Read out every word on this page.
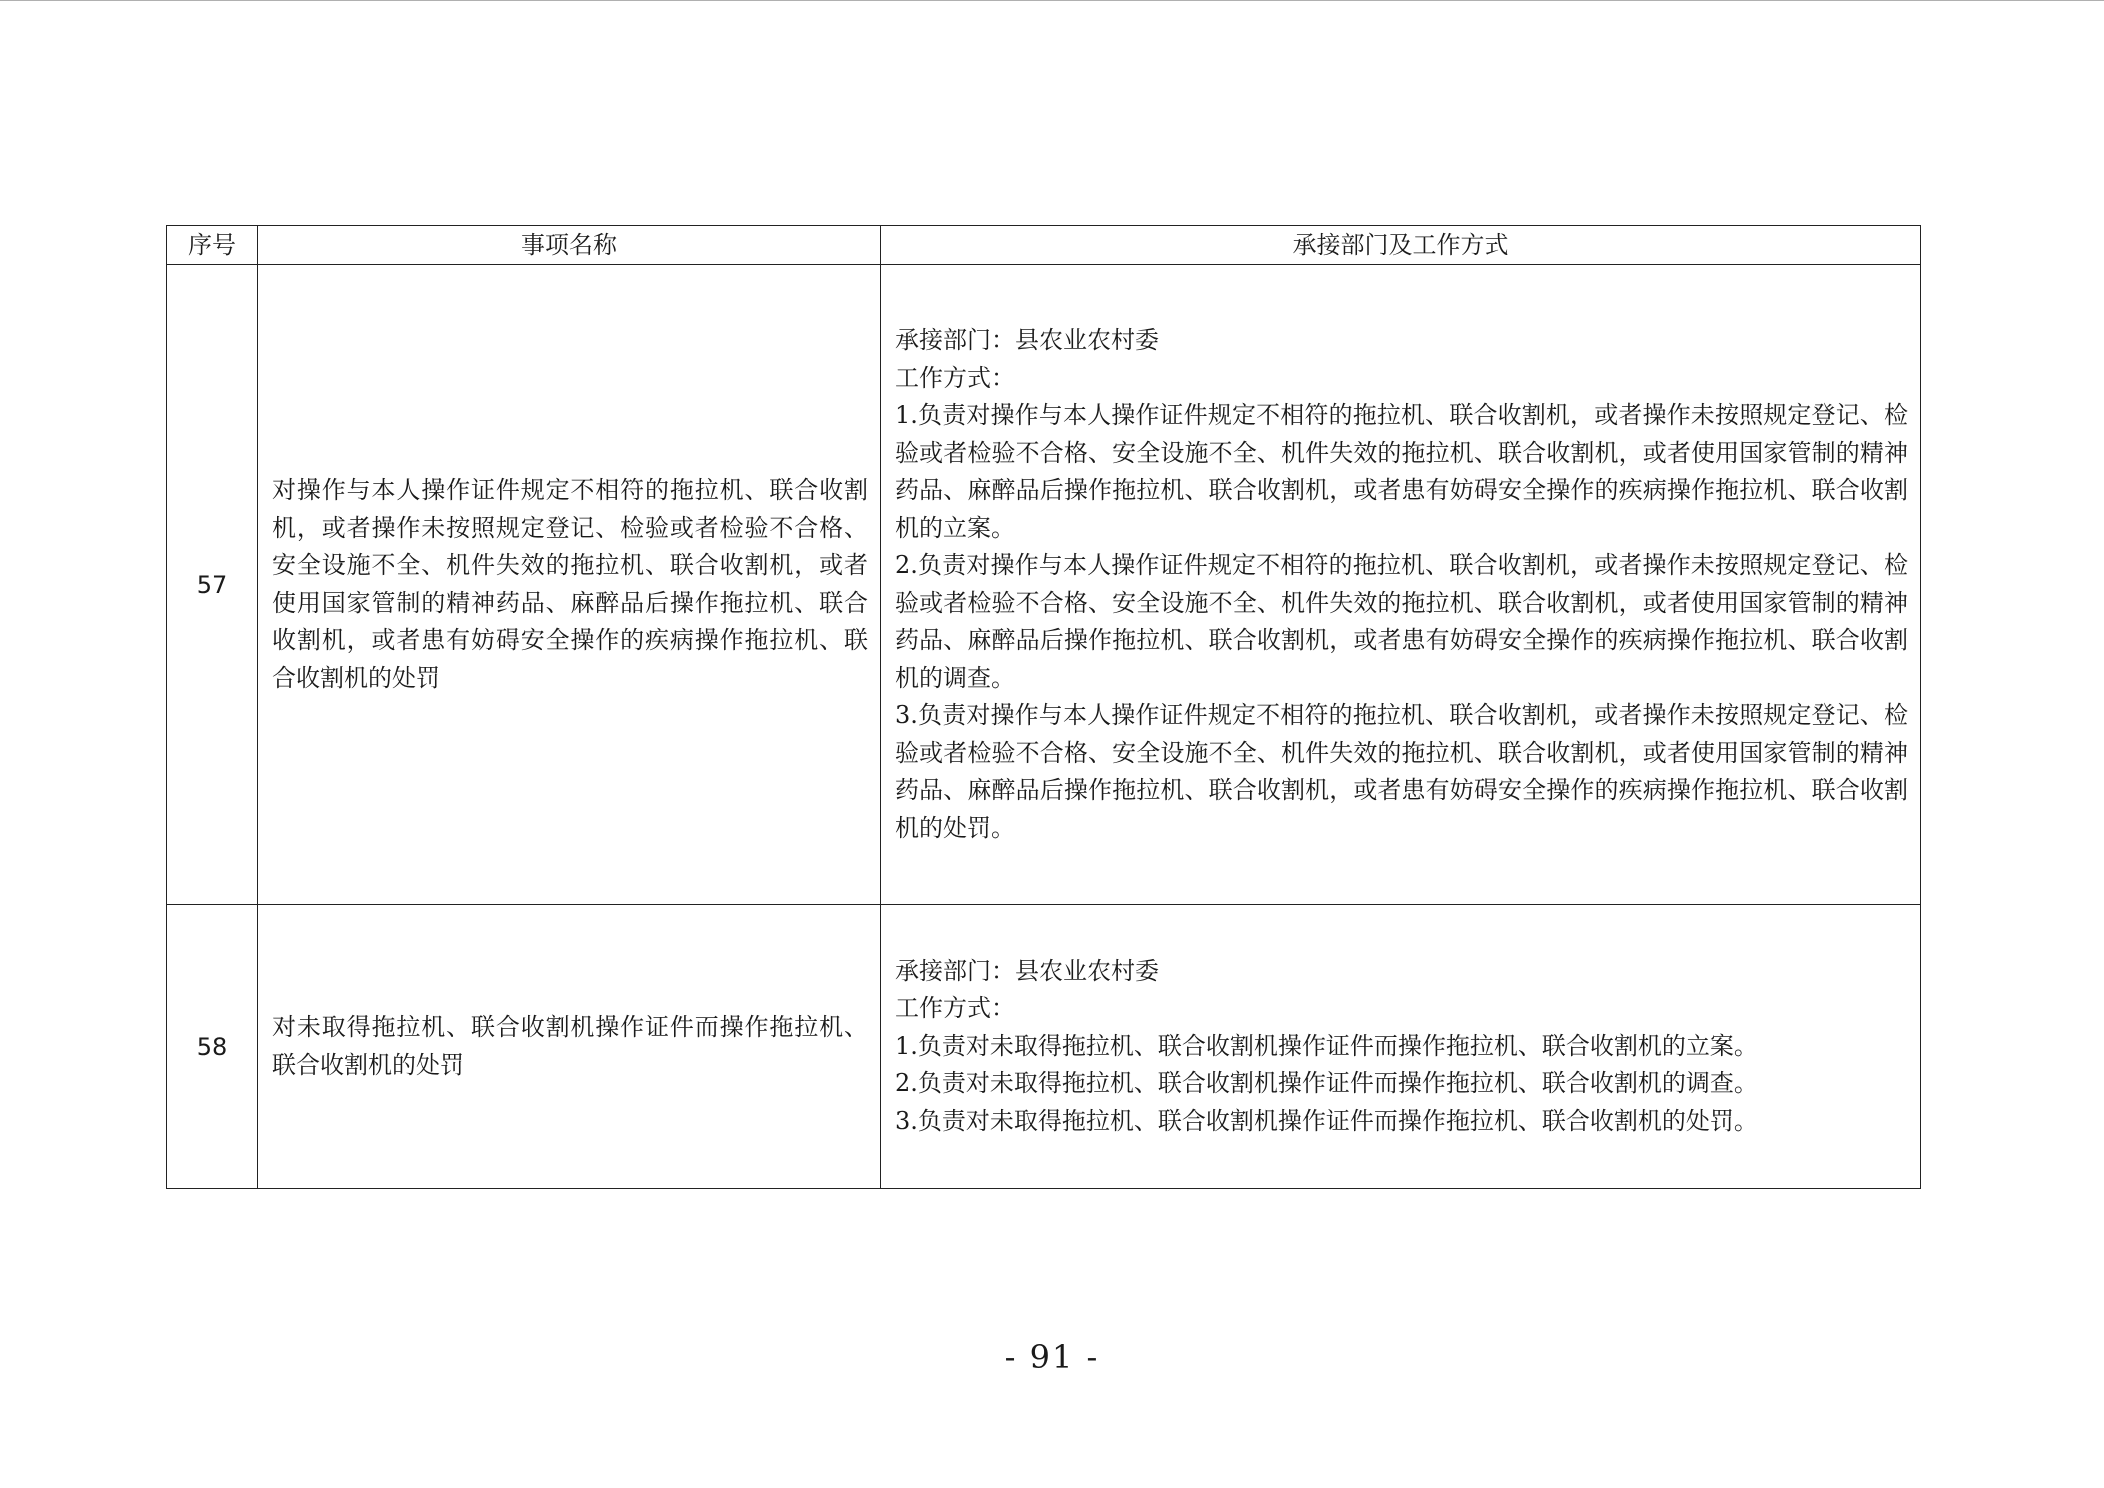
序号	事项名称	承接部门及工作方式
57	对操作与本人操作证件规定不相符的拖拉机、联合收割机，或者操作未按照规定登记、检验或者检验不合格、安全设施不全、机件失效的拖拉机、联合收割机，或者使用国家管制的精神药品、麻醉品后操作拖拉机、联合收割机，或者患有妨碍安全操作的疾病操作拖拉机、联合收割机的处罚	承接部门：县农业农村委
工作方式：
1.负责对操作与本人操作证件规定不相符的拖拉机、联合收割机，或者操作未按照规定登记、检验或者检验不合格、安全设施不全、机件失效的拖拉机、联合收割机，或者使用国家管制的精神药品、麻醉品后操作拖拉机、联合收割机，或者患有妨碍安全操作的疾病操作拖拉机、联合收割机的立案。
2.负责对操作与本人操作证件规定不相符的拖拉机、联合收割机，或者操作未按照规定登记、检验或者检验不合格、安全设施不全、机件失效的拖拉机、联合收割机，或者使用国家管制的精神药品、麻醉品后操作拖拉机、联合收割机，或者患有妨碍安全操作的疾病操作拖拉机、联合收割机的调查。
3.负责对操作与本人操作证件规定不相符的拖拉机、联合收割机，或者操作未按照规定登记、检验或者检验不合格、安全设施不全、机件失效的拖拉机、联合收割机，或者使用国家管制的精神药品、麻醉品后操作拖拉机、联合收割机，或者患有妨碍安全操作的疾病操作拖拉机、联合收割机的处罚。

58	对未取得拖拉机、联合收割机操作证件而操作拖拉机、联合收割机的处罚	承接部门：县农业农村委
工作方式：
1.负责对未取得拖拉机、联合收割机操作证件而操作拖拉机、联合收割机的立案。
2.负责对未取得拖拉机、联合收割机操作证件而操作拖拉机、联合收割机的调查。
3.负责对未取得拖拉机、联合收割机操作证件而操作拖拉机、联合收割机的处罚。
- 91 -
